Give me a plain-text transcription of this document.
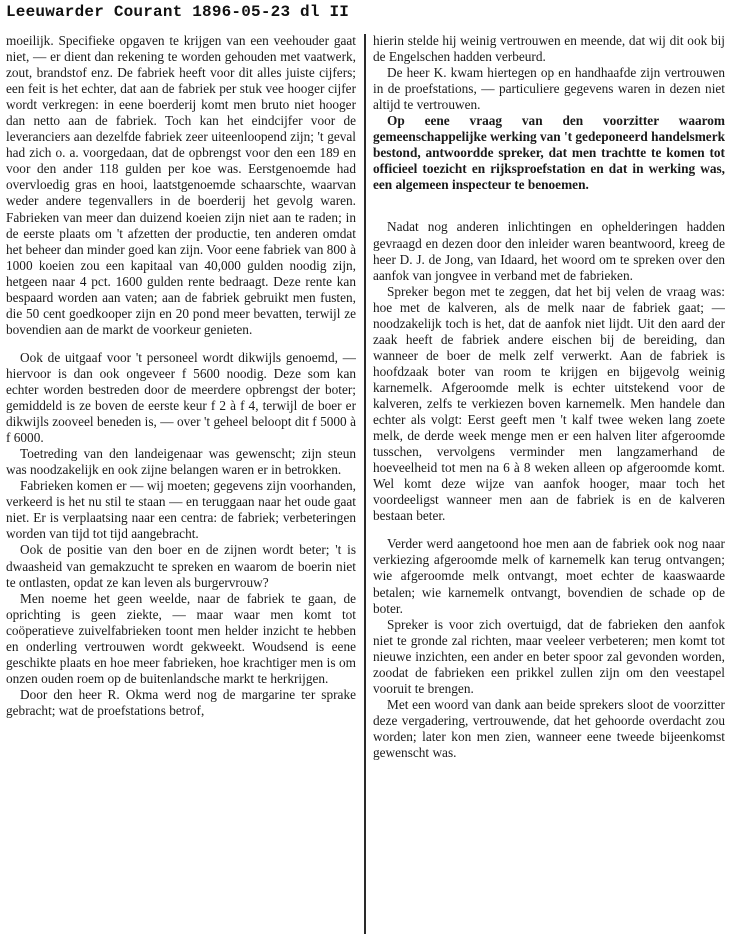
Leeuwarder Courant 1896-05-23 dl II

moeilijk. Specifieke opgaven te krijgen van een veehouder gaat niet, — er dient dan rekening te worden gehouden met vaatwerk, zout, brandstof enz. De fabriek heeft voor dit alles juiste cijfers; een feit is het echter, dat aan de fabriek per stuk vee hooger cijfer wordt verkregen: in eene boerderij komt men bruto niet hooger dan netto aan de fabriek. Toch kan het eindcijfer voor de leveranciers aan dezelfde fabriek zeer uiteenloopend zijn; 't geval had zich o. a. voorgedaan, dat de opbrengst voor den een 189 en voor den ander 118 gulden per koe was. Eerstgenoemde had overvloedig gras en hooi, laatstgenoemde schaarschte, waarvan weder andere tegenvallers in de boerderij het gevolg waren. Fabrieken van meer dan duizend koeien zijn niet aan te raden; in de eerste plaats om 't afzetten der productie, ten anderen omdat het beheer dan minder goed kan zijn. Voor eene fabriek van 800 à 1000 koeien zou een kapitaal van 40,000 gulden noodig zijn, hetgeen naar 4 pct. 1600 gulden rente bedraagt. Deze rente kan bespaard worden aan vaten; aan de fabriek gebruikt men fusten, die 50 cent goedkooper zijn en 20 pond meer bevatten, terwijl ze bovendien aan de markt de voorkeur genieten.

Ook de uitgaaf voor 't personeel wordt dikwijls genoemd, — hiervoor is dan ook ongeveer f 5600 noodig. Deze som kan echter worden bestreden door de meerdere opbrengst der boter; gemiddeld is ze boven de eerste keur f 2 à f 4, terwijl de boer er dikwijls zooveel beneden is, — over 't geheel beloopt dit f 5000 à f 6000.

Toetreding van den landeigenaar was gewenscht; zijn steun was noodzakelijk en ook zijne belangen waren er in betrokken.

Fabrieken komen er — wij moeten; gegevens zijn voorhanden, verkeerd is het nu stil te staan — en teruggaan naar het oude gaat niet. Er is verplaatsing naar een centra: de fabriek; verbeteringen worden van tijd tot tijd aangebracht.

Ook de positie van den boer en de zijnen wordt beter; 't is dwaasheid van gemakzucht te spreken en waarom de boerin niet te ontlasten, opdat ze kan leven als burgervrouw?

Men noeme het geen weelde, naar de fabriek te gaan, de oprichting is geen ziekte, — maar waar men komt tot coöperatieve zuivelfabrieken toont men helder inzicht te hebben en onderling vertrouwen wordt gekweekt. Woudsend is eene geschikte plaats en hoe meer fabrieken, hoe krachtiger men is om onzen ouden roem op de buitenlandsche markt te herkrijgen.

Door den heer R. Okma werd nog de margarine ter sprake gebracht; wat de proefstations betrof,

hierin stelde hij weinig vertrouwen en meende, dat wij dit ook bij de Engelschen hadden verbeurd.

De heer K. kwam hiertegen op en handhaafde zijn vertrouwen in de proefstations, — particuliere gegevens waren in dezen niet altijd te vertrouwen.

Op eene vraag van den voorzitter waarom gemeenschappelijke werking van 't gedeponeerd handelsmerk bestond, antwoordde spreker, dat men trachtte te komen tot officieel toezicht en rijksproefstation en dat in werking was, een algemeen inspecteur te benoemen.

Nadat nog anderen inlichtingen en ophelderingen hadden gevraagd en dezen door den inleider waren beantwoord, kreeg de heer D. J. de Jong, van Idaard, het woord om te spreken over den aanfok van jongvee in verband met de fabrieken.

Spreker begon met te zeggen, dat het bij velen de vraag was: hoe met de kalveren, als de melk naar de fabriek gaat; — noodzakelijk toch is het, dat de aanfok niet lijdt. Uit den aard der zaak heeft de fabriek andere eischen bij de bereiding, dan wanneer de boer de melk zelf verwerkt. Aan de fabriek is hoofdzaak boter van room te krijgen en bijgevolg weinig karnemelk. Afgeroomde melk is echter uitstekend voor de kalveren, zelfs te verkiezen boven karnemelk. Men handele dan echter als volgt: Eerst geeft men 't kalf twee weken lang zoete melk, de derde week menge men er een halven liter afgeroomde tusschen, vervolgens verminder men langzamerhand de hoeveelheid tot men na 6 à 8 weken alleen op afgeroomde komt. Wel komt deze wijze van aanfok hooger, maar toch het voordeeligst wanneer men aan de fabriek is en de kalveren bestaan beter.

Verder werd aangetoond hoe men aan de fabriek ook nog naar verkiezing afgeroomde melk of karnemelk kan terug ontvangen; wie afgeroomde melk ontvangt, moet echter de kaaswaarde betalen; wie karnemelk ontvangt, bovendien de schade op de boter.

Spreker is voor zich overtuigd, dat de fabrieken den aanfok niet te gronde zal richten, maar veeleer verbeteren; men komt tot nieuwe inzichten, een ander en beter spoor zal gevonden worden, zoodat de fabrieken een prikkel zullen zijn om den veestapel vooruit te brengen.

Met een woord van dank aan beide sprekers sloot de voorzitter deze vergadering, vertrouwende, dat het gehoorde overdacht zou worden; later kon men zien, wanneer eene tweede bijeenkomst gewenscht was.
